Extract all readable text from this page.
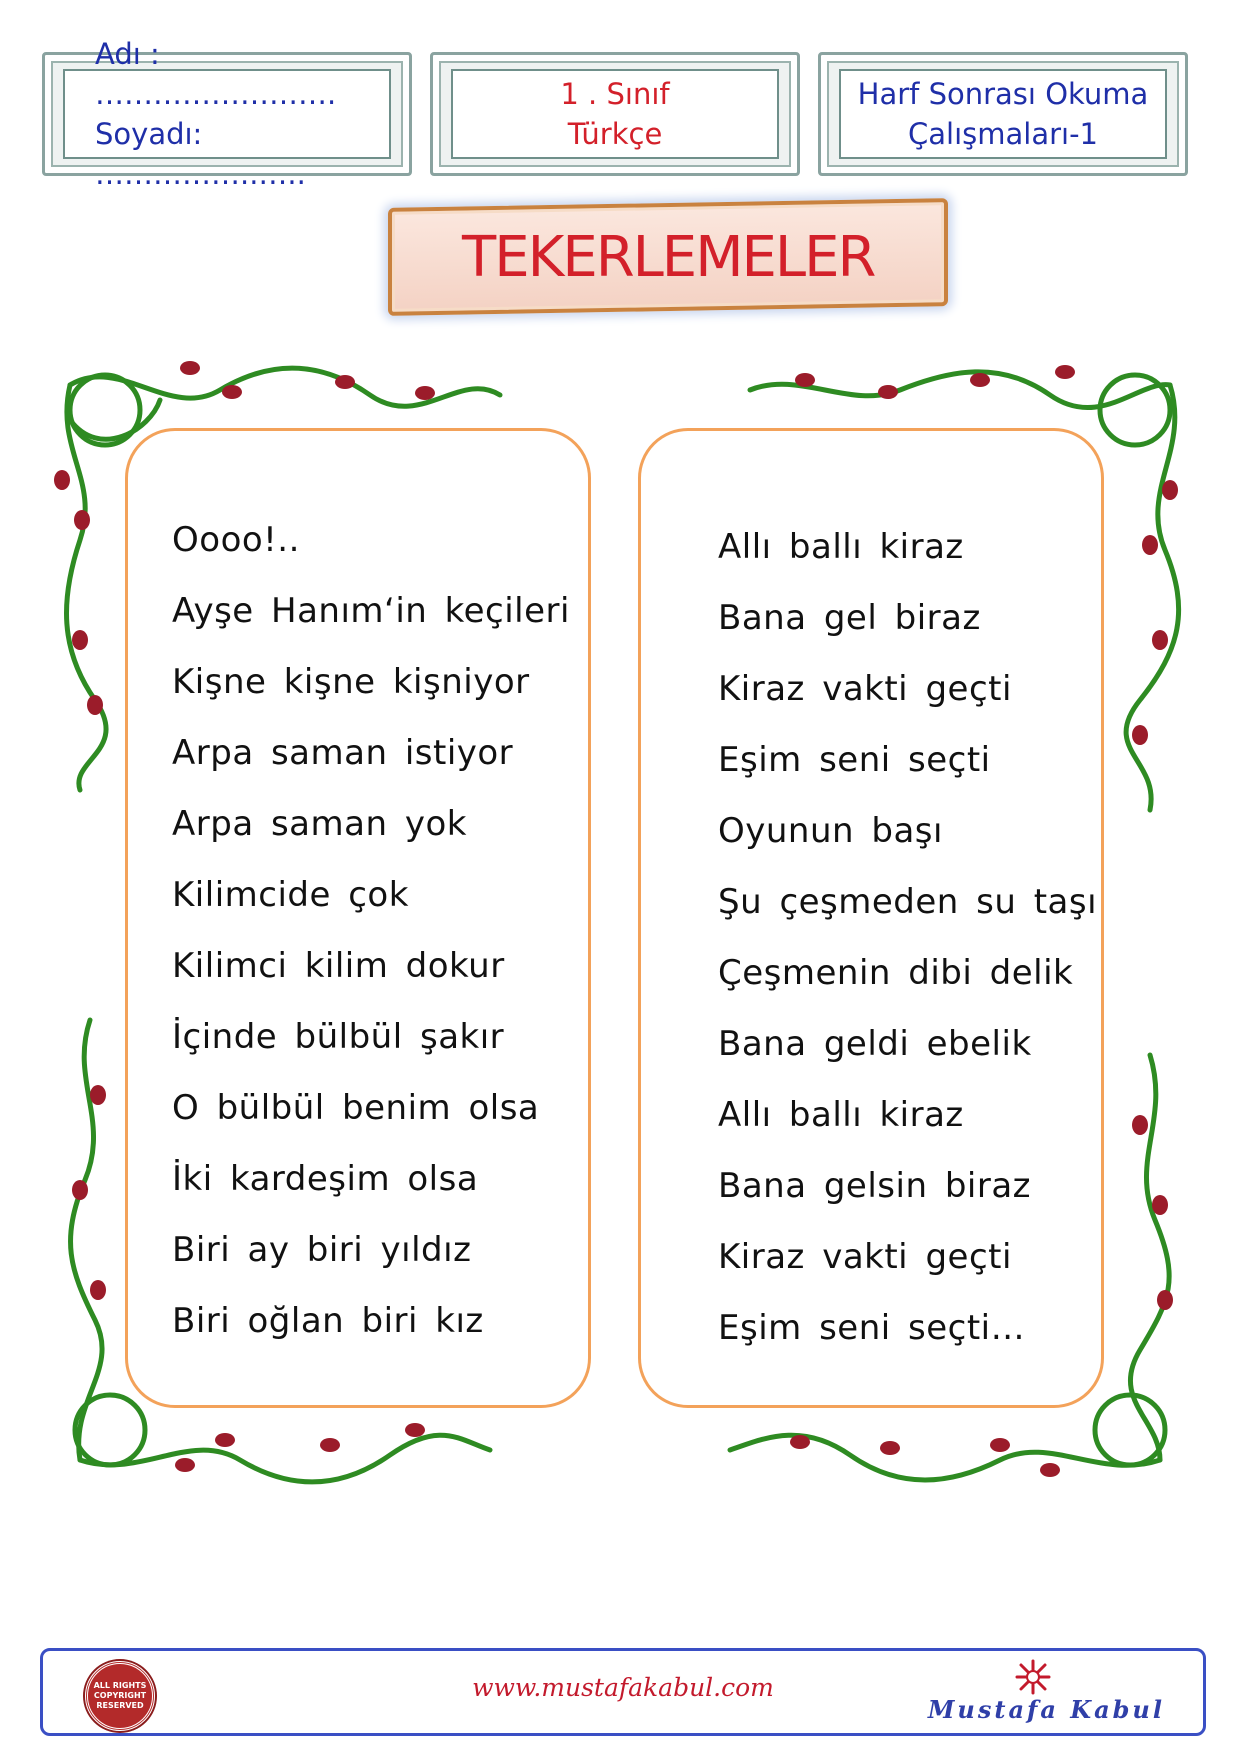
Adı : …………………….
Soyadı: ……………..…..
1 . Sınıf
Türkçe
Harf Sonrası Okuma
Çalışmaları-1
TEKERLEMELER
Oooo!..
Ayşe Hanım‘in keçileri
Kişne kişne kişniyor
Arpa saman istiyor
Arpa saman yok
Kilimcide çok
Kilimci kilim dokur
İçinde bülbül şakır
O bülbül benim olsa
İki kardeşim olsa
Biri ay biri yıldız
Biri oğlan biri kız
Allı ballı kiraz
Bana gel biraz
Kiraz vakti geçti
Eşim seni seçti
Oyunun başı
Şu çeşmeden su taşı
Çeşmenin dibi delik
Bana geldi ebelik
Allı ballı kiraz
Bana gelsin biraz
Kiraz vakti geçti
Eşim seni seçti…
ALL RIGHTS
COPYRIGHT
RESERVED
www.mustafakabul.com
Mustafa Kabul
